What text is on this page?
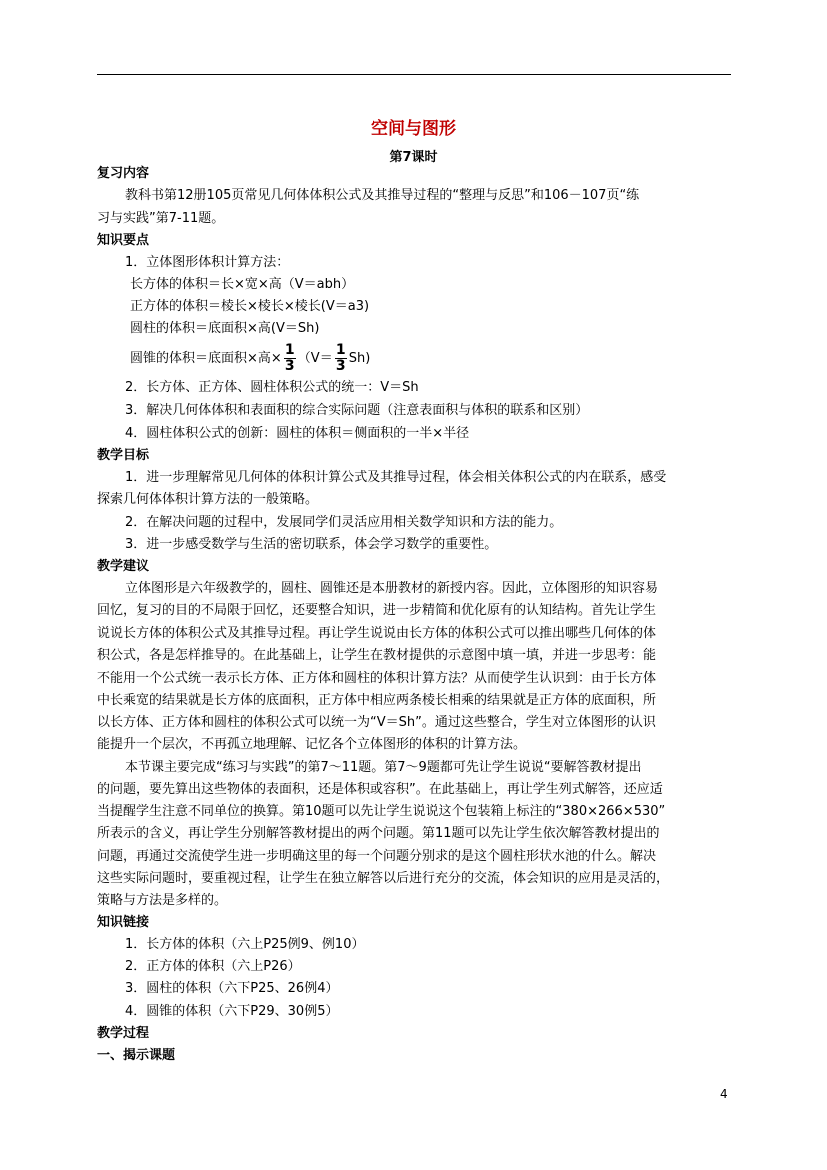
空间与图形
第7课时
复习内容
教科书第12册105页常见几何体体积公式及其推导过程的“整理与反思”和106－107页“练
习与实践”第7-11题。
知识要点
1．立体图形体积计算方法：
长方体的体积＝长×宽×高（V＝abh）
正方体的体积＝棱长×棱长×棱长(V＝a3)
圆柱的体积＝底面积×高(V＝Sh)
圆锥的体积＝底面积×高× $\frac{1}{3} (V= \frac{1}{3} Sh)$
2．长方体、正方体、圆柱体积公式的统一：V＝Sh
3．解决几何体体积和表面积的综合实际问题（注意表面积与体积的联系和区别）
4．圆柱体积公式的创新：圆柱的体积＝侧面积的一半×半径
教学目标
1．进一步理解常见几何体的体积计算公式及其推导过程，体会相关体积公式的内在联系，感受
探索几何体体积计算方法的一般策略。
2．在解决问题的过程中，发展同学们灵活应用相关数学知识和方法的能力。
3．进一步感受数学与生活的密切联系，体会学习数学的重要性。
教学建议
立体图形是六年级教学的，圆柱、圆锥还是本册教材的新授内容。因此，立体图形的知识容易
回忆，复习的目的不局限于回忆，还要整合知识，进一步精简和优化原有的认知结构。首先让学生
说说长方体的体积公式及其推导过程。再让学生说说由长方体的体积公式可以推出哪些几何体的体
积公式，各是怎样推导的。在此基础上，让学生在教材提供的示意图中填一填，并进一步思考：能
不能用一个公式统一表示长方体、正方体和圆柱的体积计算方法？从而使学生认识到：由于长方体
中长乘宽的结果就是长方体的底面积，正方体中相应两条棱长相乘的结果就是正方体的底面积，所
以长方体、正方体和圆柱的体积公式可以统一为“V＝Sh”。通过这些整合，学生对立体图形的认识
能提升一个层次，不再孤立地理解、记忆各个立体图形的体积的计算方法。
本节课主要完成“练习与实践”的第7～11题。第7～9题都可先让学生说说“要解答教材提出
的问题，要先算出这些物体的表面积，还是体积或容积”。在此基础上，再让学生列式解答，还应适
当提醒学生注意不同单位的换算。第10题可以先让学生说说这个包装箱上标注的“380×266×530”
所表示的含义，再让学生分别解答教材提出的两个问题。第11题可以先让学生依次解答教材提出的
问题，再通过交流使学生进一步明确这里的每一个问题分别求的是这个圆柱形状水池的什么。解决
这些实际问题时，要重视过程，让学生在独立解答以后进行充分的交流，体会知识的应用是灵活的，
策略与方法是多样的。
知识链接
1．长方体的体积（六上P25例9、例10）
2．正方体的体积（六上P26）
3．圆柱的体积（六下P25、26例4）
4．圆锥的体积（六下P29、30例5）
教学过程
一、揭示课题
4
